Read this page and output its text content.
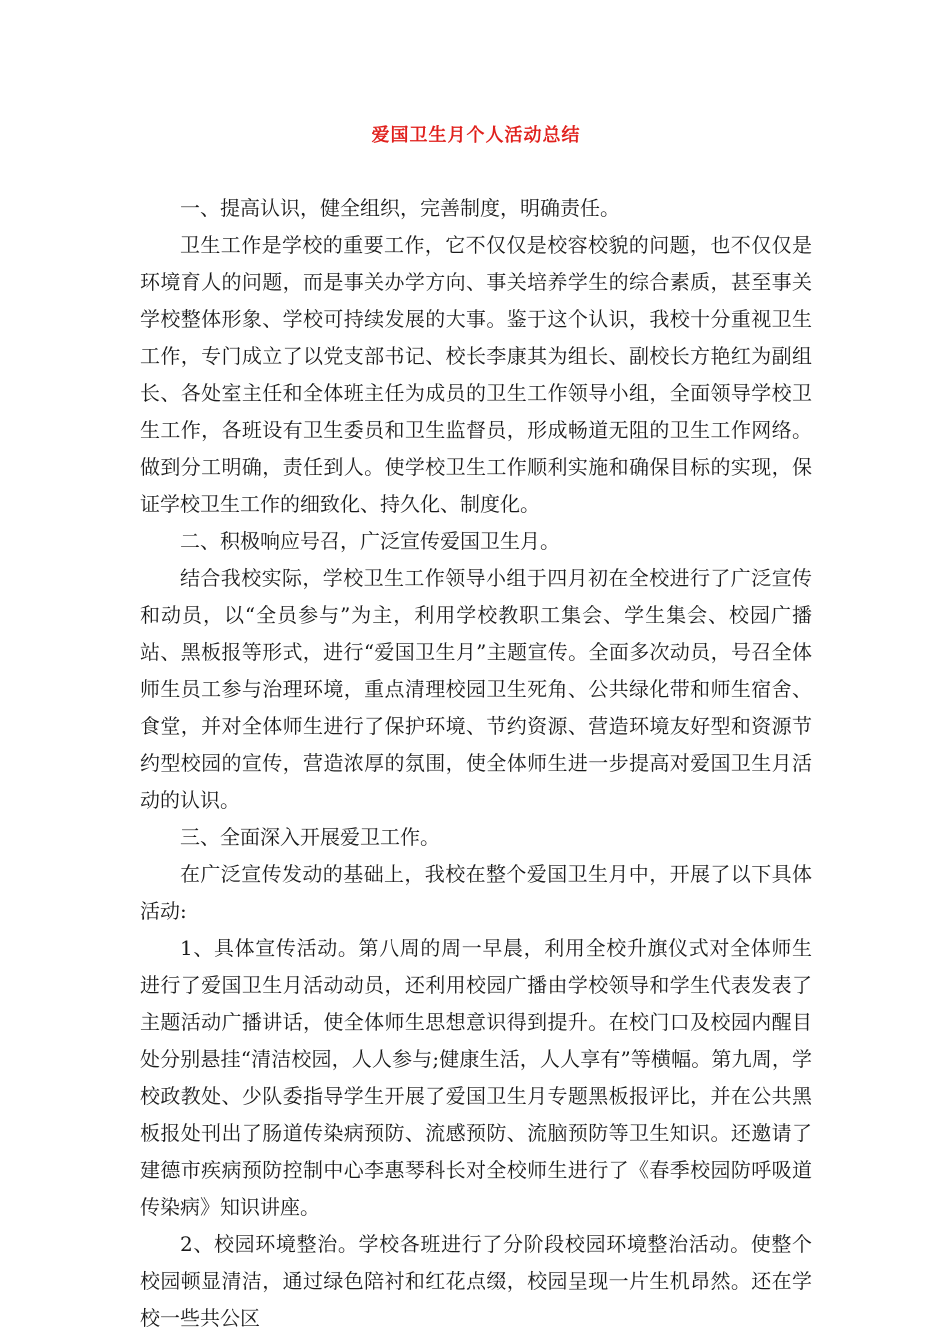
爱国卫生月个人活动总结

一、提高认识，健全组织，完善制度，明确责任。

卫生工作是学校的重要工作，它不仅仅是校容校貌的问题，也不仅仅是环境育人的问题，而是事关办学方向、事关培养学生的综合素质，甚至事关学校整体形象、学校可持续发展的大事。鉴于这个认识，我校十分重视卫生工作，专门成立了以党支部书记、校长李康其为组长、副校长方艳红为副组长、各处室主任和全体班主任为成员的卫生工作领导小组，全面领导学校卫生工作，各班设有卫生委员和卫生监督员，形成畅道无阻的卫生工作网络。做到分工明确，责任到人。使学校卫生工作顺利实施和确保目标的实现，保证学校卫生工作的细致化、持久化、制度化。

二、积极响应号召，广泛宣传爱国卫生月。

结合我校实际，学校卫生工作领导小组于四月初在全校进行了广泛宣传和动员，以“全员参与”为主，利用学校教职工集会、学生集会、校园广播站、黑板报等形式，进行“爱国卫生月”主题宣传。全面多次动员，号召全体师生员工参与治理环境，重点清理校园卫生死角、公共绿化带和师生宿舍、食堂，并对全体师生进行了保护环境、节约资源、营造环境友好型和资源节约型校园的宣传，营造浓厚的氛围，使全体师生进一步提高对爱国卫生月活动的认识。

三、全面深入开展爱卫工作。

在广泛宣传发动的基础上，我校在整个爱国卫生月中，开展了以下具体活动:

1、具体宣传活动。第八周的周一早晨，利用全校升旗仪式对全体师生进行了爱国卫生月活动动员，还利用校园广播由学校领导和学生代表发表了主题活动广播讲话，使全体师生思想意识得到提升。在校门口及校园内醒目处分别悬挂“清洁校园，人人参与;健康生活，人人享有”等横幅。第九周，学校政教处、少队委指导学生开展了爱国卫生月专题黑板报评比，并在公共黑板报处刊出了肠道传染病预防、流感预防、流脑预防等卫生知识。还邀请了建德市疾病预防控制中心李惠琴科长对全校师生进行了《春季校园防呼吸道传染病》知识讲座。

2、校园环境整治。学校各班进行了分阶段校园环境整治活动。使整个校园顿显清洁，通过绿色陪衬和红花点缀，校园呈现一片生机昂然。还在学校一些共公区
